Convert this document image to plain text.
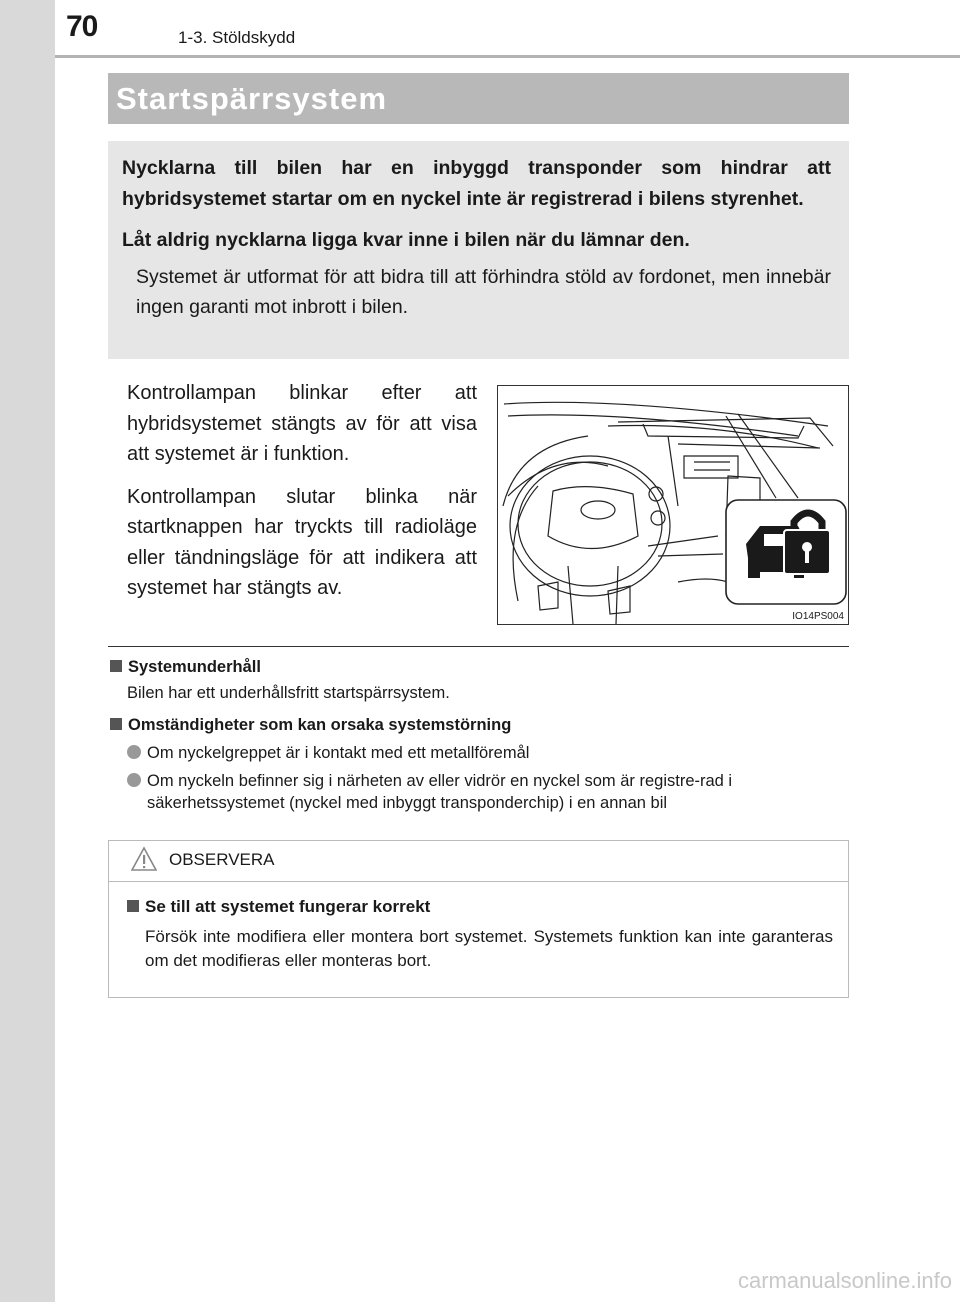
70	1-3. Stöldskydd
Startspärrsystem

Nycklarna till bilen har en inbyggd transponder som hindrar att hybridsystemet startar om en nyckel inte är registrerad i bilens styrenhet.

Låt aldrig nycklarna ligga kvar inne i bilen när du lämnar den.

Systemet är utformat för att bidra till att förhindra stöld av fordonet, men innebär ingen garanti mot inbrott i bilen.

Kontrollampan blinkar efter att hybridsystemet stängts av för att visa att systemet är i funktion.

Kontrollampan slutar blinka när startknappen har tryckts till radioläge eller tändningsläge för att indikera att systemet har stängts av.

IO14PS004

Systemunderhåll

Bilen har ett underhållsfritt startspärrsystem.

Omständigheter som kan orsaka systemstörning

Om nyckelgreppet är i kontakt med ett metallföremål
Om nyckeln befinner sig i närheten av eller vidrör en nyckel som är registre-rad i säkerhetssystemet (nyckel med inbyggt transponderchip) i en annan bil
OBSERVERA

Se till att systemet fungerar korrekt

Försök inte modifiera eller montera bort systemet. Systemets funktion kan inte garanteras om det modifieras eller monteras bort.

carmanualsonline.info
